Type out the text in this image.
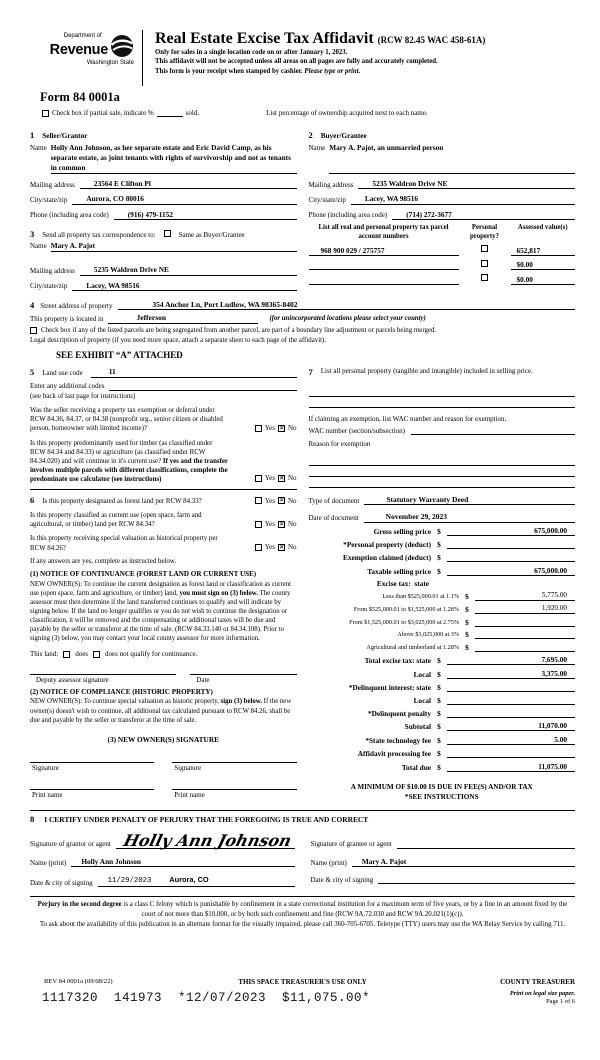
Department of
Revenue
Washington State
Real Estate Excise Tax Affidavit (RCW 82.45 WAC 458-61A)
Only for sales in a single location code on or after January 1, 2023.
This affidavit will not be accepted unless all areas on all pages are fully and accurately completed.
This form is your receipt when stamped by cashier. Please type or print.
Form 84 0001a
Check box if partial sale, indicate %	sold.	List percentage of ownership acquired next to each name.
1 Seller/Grantor
Name Holly Ann Johnson, as her separate estate and Eric David Camp, as his separate estate, as joint tenants with rights of survivorship and not as tenants in common
Mailing address	23564 E Clifton Pl
City/state/zip	Aurora, CO 80016
Phone (including area code)	(916) 479-1152
3 Send all property tax correspondence to:	Same as Buyer/Grantee
Name Mary A. Pajot
Mailing address	5235 Waldron Drive NE
City/state/zip	Lacey, WA 98516
2 Buyer/Grantee
Name Mary A. Pajot, an unmarried person
Mailing address	5235 Waldron Drive NE
City/state/zip	Lacey, WA 98516
Phone (including area code)	(714) 272-3677
List all real and personal property tax parcel account numbers
Personal property?
Assessed value(s)
968 900 029 / 275757	652,817
$0.00
$0.00
4 Street address of property	354 Anchor Ln, Port Ludlow, WA 98365-8402
This property is located in	Jefferson	(for unincorporated locations please select your county)
Check box if any of the listed parcels are being segregated from another parcel, are part of a boundary line adjustment or parcels being merged.
Legal description of property (if you need more space, attach a separate sheet to each page of the affidavit).
SEE EXHIBIT “A” ATTACHED
5 Land use code	11
Enter any additional codes
(see back of last page for instructions)
Was the seller receiving a property tax exemption or deferral under RCW 84.36, 84.37, or 84.38 (nonprofit org., senior citizen or disabled person, homeowner with limited income)?	Yes ✕ No
Is this property predominantly used for timber (as classified under RCW 84.34 and 84.33) or agriculture (as classified under RCW 84.34.020) and will continue in it's current use? If yes and the transfer involves multiple parcels with different classifications, complete the predominate use calculator (see instructions)	Yes ✕ No
6 Is this property designated as forest land per RCW 84.33?	Yes ✕ No
Is this property classified as current use (open space, farm and agricultural, or timber) land per RCW 84.34?	Yes ✕ No
Is this property receiving special valuation as historical property per RCW 84.26?	Yes ✕ No
If any answers are yes, complete as instructed below.
(1) NOTICE OF CONTINUANCE (FOREST LAND OR CURRENT USE)
NEW OWNER(S): To continue the current designation as forest land or classification as current use (open space, farm and agriculture, or timber) land, you must sign on (3) below. The county assessor must then determine if the land transferred continues to qualify and will indicate by signing below. If the land no longer qualifies or you do not wish to continue the designation or classification, it will be removed and the compensating or additional taxes will be due and payable by the seller or transferor at the time of sale. (RCW 84.33.140 or 84.34.108). Prior to signing (3) below, you may contact your local county assessor for more information.
This land: does does not qualify for continuance.
Deputy assessor signature	Date
(2) NOTICE OF COMPLIANCE (HISTORIC PROPERTY)
NEW OWNER(S): To continue special valuation as historic property, sign (3) below. If the new owner(s) doesn't wish to continue, all additional tax calculated pursuant to RCW 84.26, shall be due and payable by the seller or transferor at the time of sale.
(3) NEW OWNER(S) SIGNATURE
Signature
Print name
Signature
Print name
7 List all personal property (tangible and intangible) included in selling price.
If claiming an exemption, list WAC number and reason for exemption.
WAC number (section/subsection)
Reason for exemption
Type of document	Statutory Warranty Deed
Date of document	November 29, 2023
Gross selling price $	675,000.00
*Personal property (deduct) $
Exemption claimed (deduct) $
Taxable selling price $	675,000.00
Excise tax:  state
Less than $525,000.01 at 1.1% $	5,775.00
From $525,000.01 to $1,525,000 at 1.28% $	1,920.00
From $1,525,000.01 to $3,025,000 at 2.75% $
Above $3,025,000 at 3% $
Agricultural and timberland at 1.28% $
Total excise tax: state $	7,695.00
Local $	3,375.00
*Delinquent interest: state $
Local $
*Delinquent penalty $
Subtotal $	11,070.00
*State technology fee $	5.00
Affidavit processing fee $
Total due $	11,075.00
A MINIMUM OF $10.00 IS DUE IN FEE(S) AND/OR TAX
*SEE INSTRUCTIONS
8 I CERTIFY UNDER PENALTY OF PERJURY THAT THE FOREGOING IS TRUE AND CORRECT
Signature of grantor or agent Holly Ann Johnson
Name (print)	Holly Ann Johnson
Date & city of signing	11/29/2023 Aurora, CO
Signature of grantee or agent
Name (print)	Mary A. Pajot
Date & city of signing
Perjury in the second degree is a class C felony which is punishable by confinement in a state correctional institution for a maximum term of five years, or by a fine in an amount fixed by the court of not more than $10,000, or by both such confinement and fine (RCW 9A.72.030 and RCW 9A.20.021(1)(c)).
To ask about the availability of this publication in an alternate format for the visually impaired, please call 360-705-6705. Teletype (TTY) users may use the WA Relay Service by calling 711.
REV 84 0001a (09/08/22)	THIS SPACE TREASURER'S USE ONLY	COUNTY TREASURER
1117320  141973  *12/07/2023  $11,075.00*	Print on legal size paper.
Page 1 of 6
